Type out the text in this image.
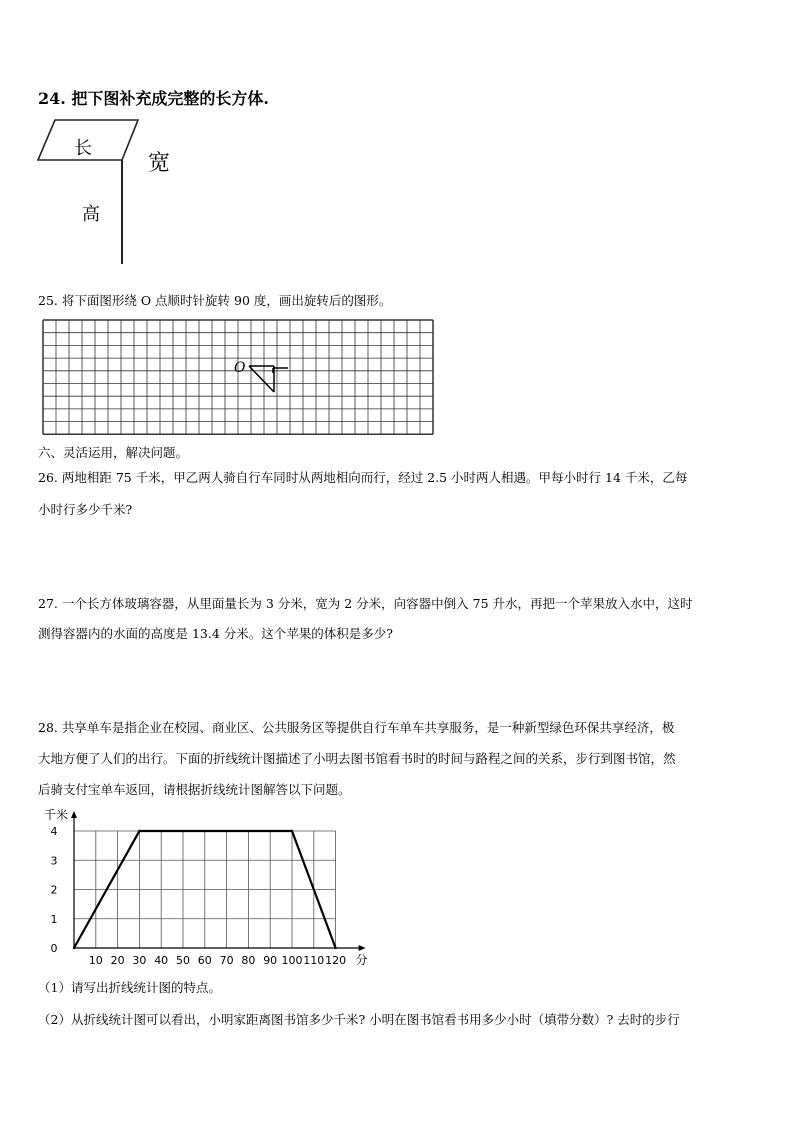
24. 把下图补充成完整的长方体.
长
宽
高
25. 将下面图形绕 O 点顺时针旋转 90 度，画出旋转后的图形。
O
六、灵活运用，解决问题。
26. 两地相距 75 千米，甲乙两人骑自行车同时从两地相向而行，经过 2.5 小时两人相遇。甲每小时行 14 千米，乙每
小时行多少千米?
27. 一个长方体玻璃容器，从里面量长为 3 分米，宽为 2 分米，向容器中倒入 75 升水，再把一个苹果放入水中，这时
测得容器内的水面的高度是 13.4 分米。这个苹果的体积是多少?
28. 共享单车是指企业在校园、商业区、公共服务区等提供自行车单车共享服务，是一种新型绿色环保共享经济，极
大地方便了人们的出行。下面的折线统计图描述了小明去图书馆看书时的时间与路程之间的关系，步行到图书馆，然
后骑支付宝单车返回，请根据折线统计图解答以下问题。
10 20 30 40 50 60 70 80 90 100 110 120
0
1
2
3
4
千米
分
（1）请写出折线统计图的特点。
（2）从折线统计图可以看出，小明家距离图书馆多少千米? 小明在图书馆看书用多少小时（填带分数）? 去时的步行
